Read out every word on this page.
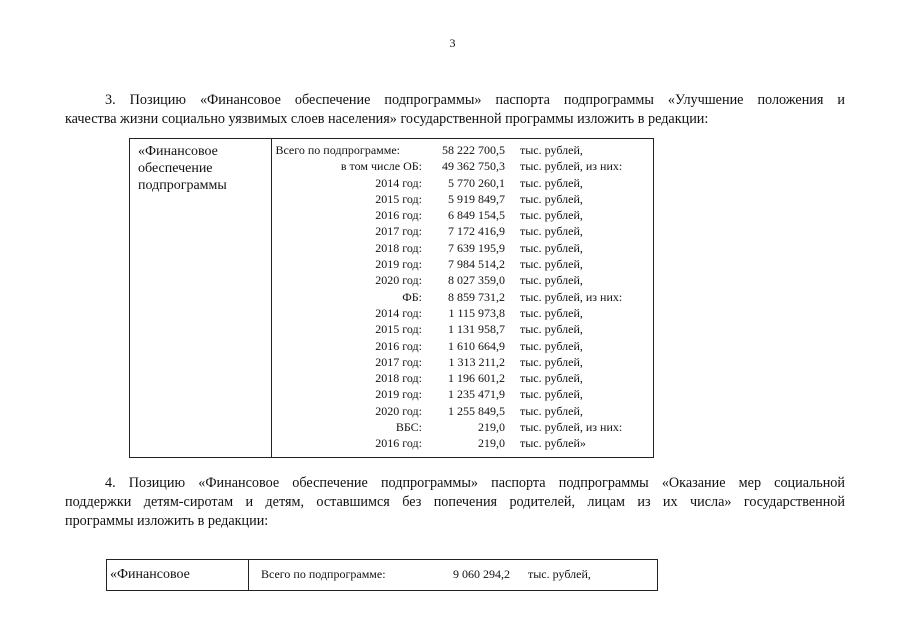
3
3. Позицию «Финансовое обеспечение подпрограммы» паспорта подпрограммы «Улучшение положения и
качества жизни социально уязвимых слоев населения» государственной программы изложить в редакции:
«Финансовое обеспечение подпрограммы
Всего по подпрограмме:	58 222 700,5 тыс. рублей,
в том числе ОБ:	49 362 750,3 тыс. рублей, из них:
2014 год:	5 770 260,1 тыс. рублей,
2015 год:	5 919 849,7 тыс. рублей,
2016 год:	6 849 154,5 тыс. рублей,
2017 год:	7 172 416,9 тыс. рублей,
2018 год:	7 639 195,9 тыс. рублей,
2019 год:	7 984 514,2 тыс. рублей,
2020 год:	8 027 359,0 тыс. рублей,
ФБ:	8 859 731,2 тыс. рублей, из них:
2014 год:	1 115 973,8 тыс. рублей,
2015 год:	1 131 958,7 тыс. рублей,
2016 год:	1 610 664,9 тыс. рублей,
2017 год:	1 313 211,2 тыс. рублей,
2018 год:	1 196 601,2 тыс. рублей,
2019 год:	1 235 471,9 тыс. рублей,
2020 год:	1 255 849,5 тыс. рублей,
ВБС:	219,0 тыс. рублей, из них:
2016 год:	219,0 тыс. рублей»
4. Позицию «Финансовое обеспечение подпрограммы» паспорта подпрограммы «Оказание мер социальной
поддержки детям-сиротам и детям, оставшимся без попечения родителей, лицам из их числа» государственной
программы изложить в редакции:
«Финансовое	Всего по подпрограмме:	9 060 294,2 тыс. рублей,
